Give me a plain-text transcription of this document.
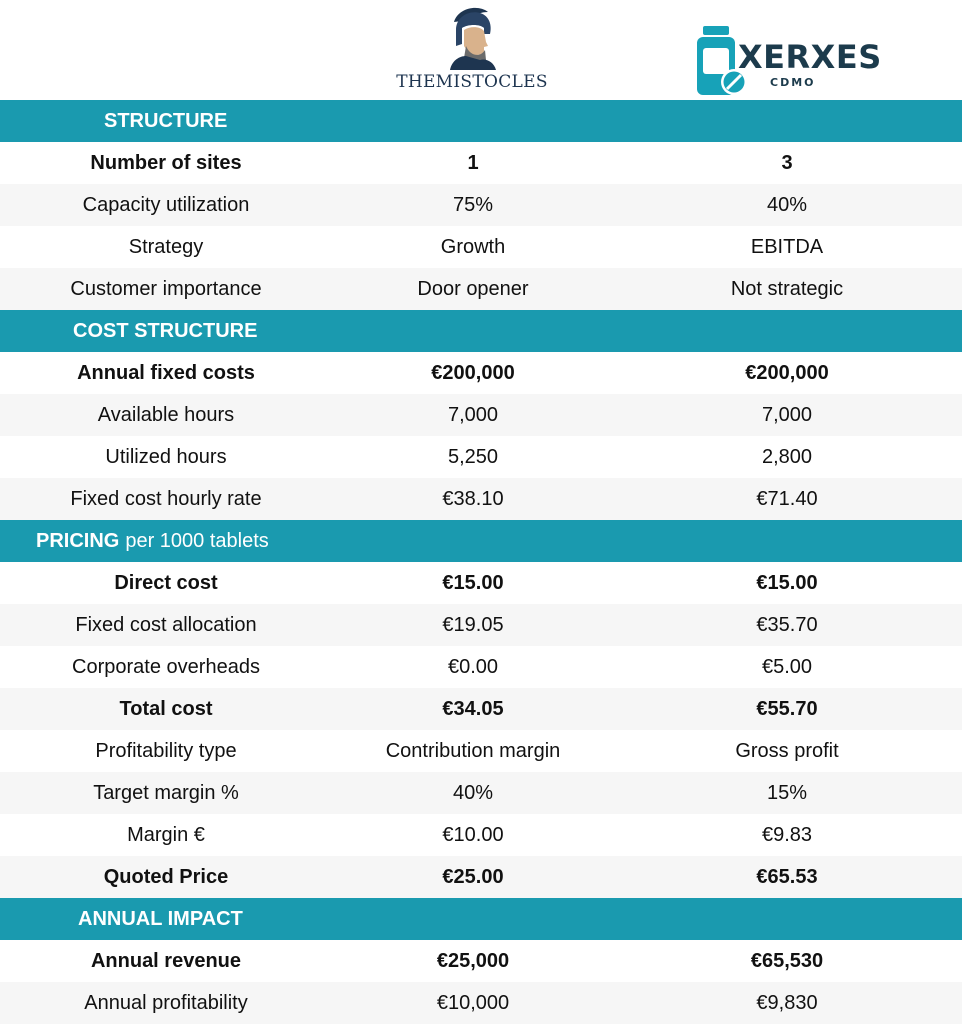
THEMISTOCLES
XERXES
CDMO
STRUCTURE
Number of sites	1	3
Capacity utilization	75%	40%
Strategy	Growth	EBITDA
Customer importance	Door opener	Not strategic
COST STRUCTURE
Annual fixed costs	€200,000	€200,000
Available hours	7,000	7,000
Utilized hours	5,250	2,800
Fixed cost hourly rate	€38.10	€71.40
PRICING per 1000 tablets
Direct cost	€15.00	€15.00
Fixed cost allocation	€19.05	€35.70
Corporate overheads	€0.00	€5.00
Total cost	€34.05	€55.70
Profitability type	Contribution margin	Gross profit
Target margin %	40%	15%
Margin €	€10.00	€9.83
Quoted Price	€25.00	€65.53
ANNUAL IMPACT
Annual revenue	€25,000	€65,530
Annual profitability	€10,000	€9,830
